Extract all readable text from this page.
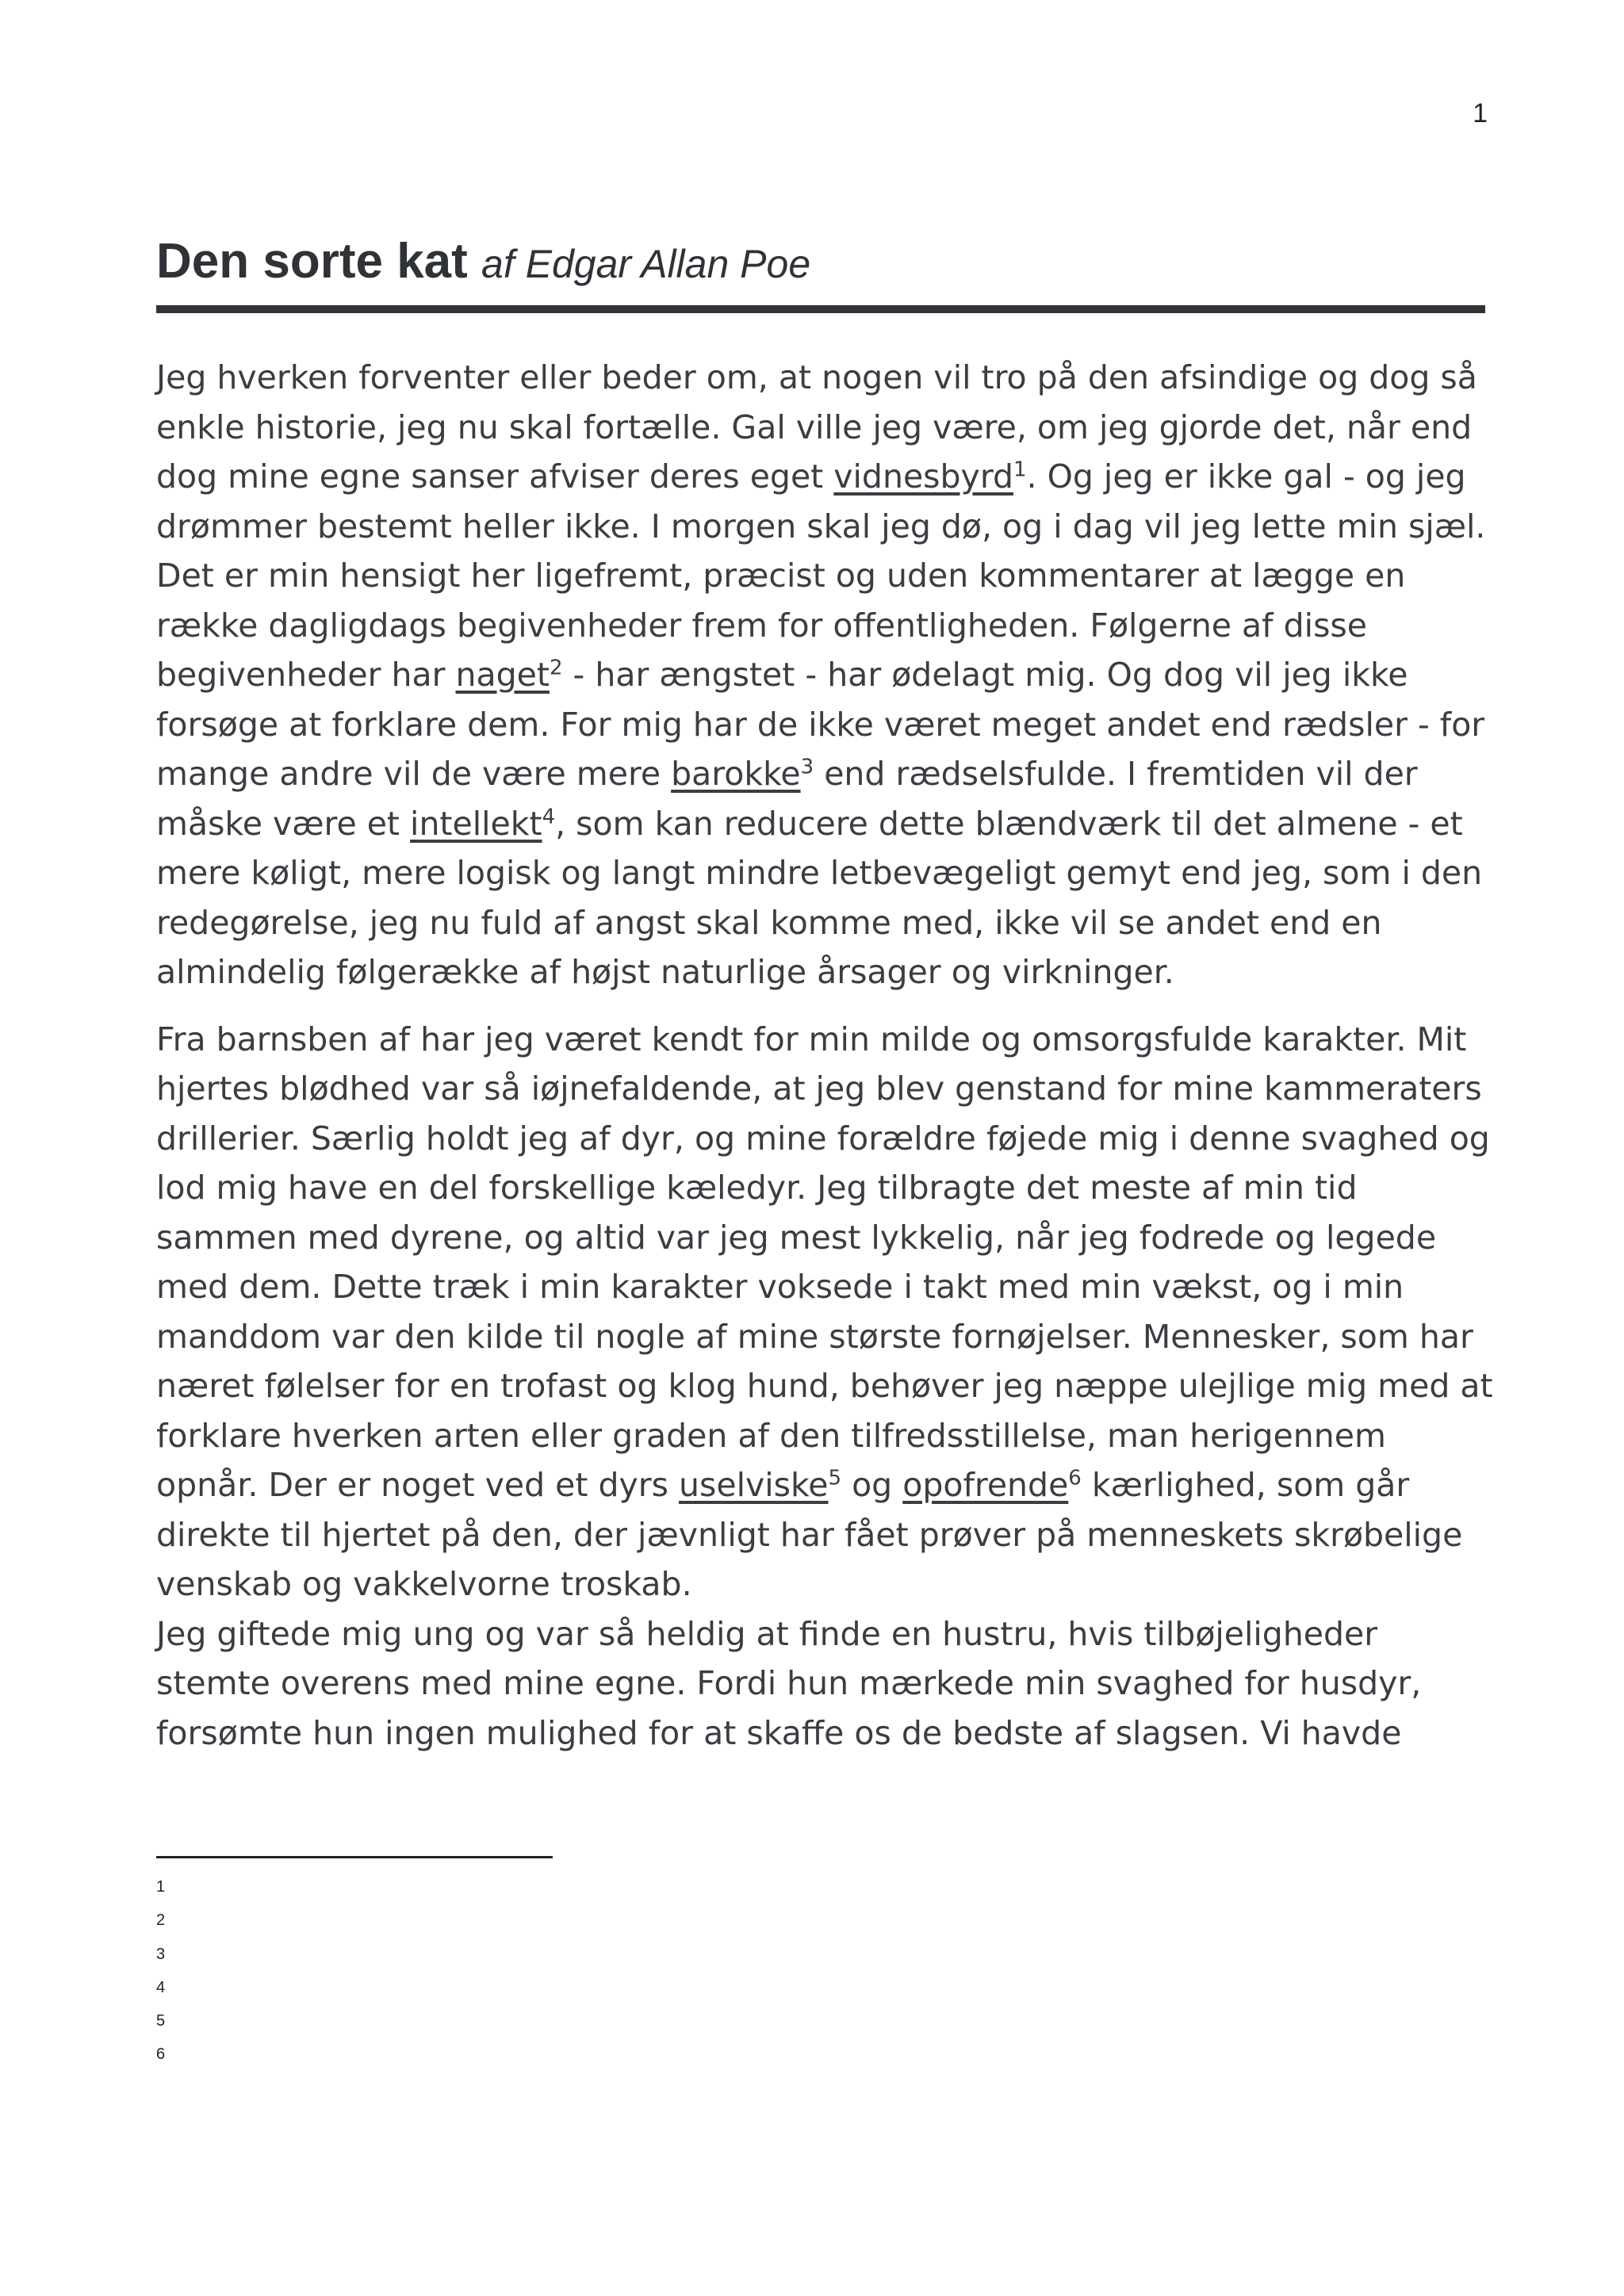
1
Den sorte kat af Edgar Allan Poe

Jeg hverken forventer eller beder om, at nogen vil tro på den afsindige og dog så enkle historie, jeg nu skal fortælle. Gal ville jeg være, om jeg gjorde det, når end dog mine egne sanser afviser deres eget vidnesbyrd$^1$. Og jeg er ikke gal - og jeg drømmer bestemt heller ikke. I morgen skal jeg dø, og i dag vil jeg lette min sjæl. Det er min hensigt her ligefremt, præcist og uden kommentarer at lægge en række dagligdags begivenheder frem for offentligheden. Følgerne af disse begivenheder har naget$^2$ - har ængstet - har ødelagt mig. Og dog vil jeg ikke forsøge at forklare dem. For mig har de ikke været meget andet end rædsler - for mange andre vil de være mere barokke$^3$ end rædselsfulde. I fremtiden vil der måske være et intellekt$^4$, som kan reducere dette blændværk til det almene - et mere køligt, mere logisk og langt mindre letbevægeligt gemyt end jeg, som i den redegørelse, jeg nu fuld af angst skal komme med, ikke vil se andet end en almindelig følgerække af højst naturlige årsager og virkninger.

Fra barnsben af har jeg været kendt for min milde og omsorgsfulde karakter. Mit hjertes blødhed var så iøjnefaldende, at jeg blev genstand for mine kammeraters drillerier. Særlig holdt jeg af dyr, og mine forældre føjede mig i denne svaghed og lod mig have en del forskellige kæledyr. Jeg tilbragte det meste af min tid sammen med dyrene, og altid var jeg mest lykkelig, når jeg fodrede og legede med dem. Dette træk i min karakter voksede i takt med min vækst, og i min manddom var den kilde til nogle af mine største fornøjelser. Mennesker, som har næret følelser for en trofast og klog hund, behøver jeg næppe ulejlige mig med at forklare hverken arten eller graden af den tilfredsstillelse, man herigennem opnår. Der er noget ved et dyrs uselviske$^5$ og opofrende$^6$ kærlighed, som går direkte til hjertet på den, der jævnligt har fået prøver på menneskets skrøbelige venskab og vakkelvorne troskab.

Jeg giftede mig ung og var så heldig at finde en hustru, hvis tilbøjeligheder stemte overens med mine egne. Fordi hun mærkede min svaghed for husdyr, forsømte hun ingen mulighed for at skaffe os de bedste af slagsen. Vi havde

1
2
3
4
5
6
